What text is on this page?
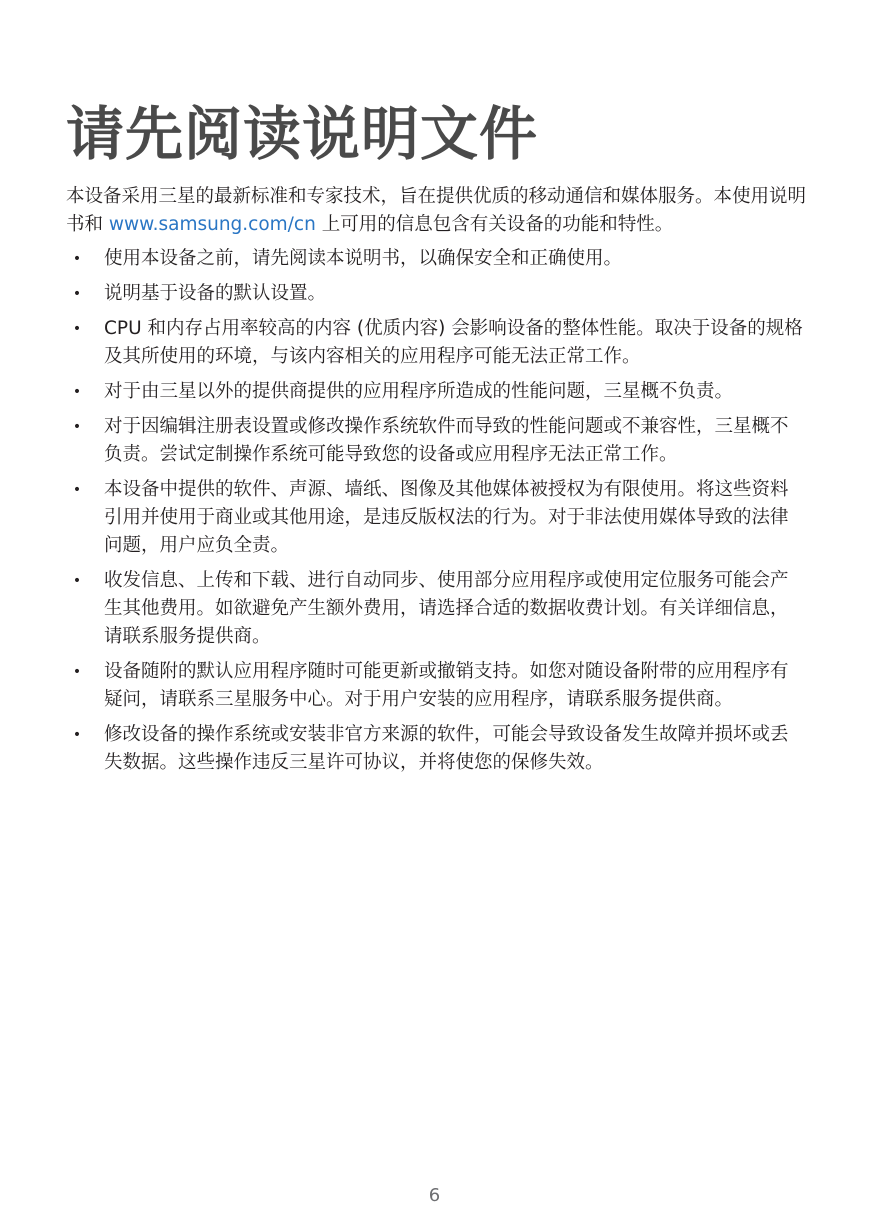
请先阅读说明文件

本设备采用三星的最新标准和专家技术，旨在提供优质的移动通信和媒体服务。本使用说明书和 www.samsung.com/cn 上可用的信息包含有关设备的功能和特性。

• 使用本设备之前，请先阅读本说明书，以确保安全和正确使用。
• 说明基于设备的默认设置。
• CPU 和内存占用率较高的内容 (优质内容) 会影响设备的整体性能。取决于设备的规格及其所使用的环境，与该内容相关的应用程序可能无法正常工作。
• 对于由三星以外的提供商提供的应用程序所造成的性能问题，三星概不负责。
• 对于因编辑注册表设置或修改操作系统软件而导致的性能问题或不兼容性，三星概不负责。尝试定制操作系统可能导致您的设备或应用程序无法正常工作。
• 本设备中提供的软件、声源、墙纸、图像及其他媒体被授权为有限使用。将这些资料引用并使用于商业或其他用途，是违反版权法的行为。对于非法使用媒体导致的法律问题，用户应负全责。
• 收发信息、上传和下载、进行自动同步、使用部分应用程序或使用定位服务可能会产生其他费用。如欲避免产生额外费用，请选择合适的数据收费计划。有关详细信息，请联系服务提供商。
• 设备随附的默认应用程序随时可能更新或撤销支持。如您对随设备附带的应用程序有疑问，请联系三星服务中心。对于用户安装的应用程序，请联系服务提供商。
• 修改设备的操作系统或安装非官方来源的软件，可能会导致设备发生故障并损坏或丢失数据。这些操作违反三星许可协议，并将使您的保修失效。
6
